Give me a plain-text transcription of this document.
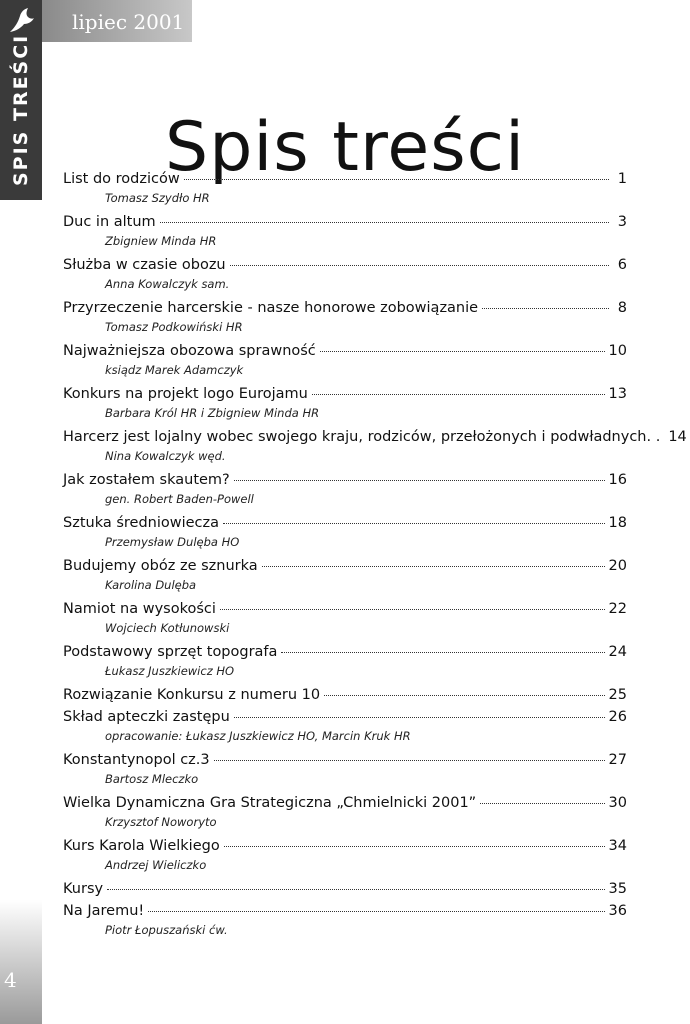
SPIS TREŚCI
lipiec 2001
4
Spis treści
List do rodziców	1
Tomasz Szydło HR
Duc in altum	3
Zbigniew Minda HR
Służba w czasie obozu	6
Anna Kowalczyk sam.
Przyrzeczenie harcerskie - nasze honorowe zobowiązanie	8
Tomasz Podkowiński HR
Najważniejsza obozowa sprawność	10
ksiądz Marek Adamczyk
Konkurs na projekt logo Eurojamu	13
Barbara Król HR i Zbigniew Minda HR
Harcerz jest lojalny wobec swojego kraju, rodziców, przełożonych i podwładnych. . 14
Nina Kowalczyk węd.
Jak zostałem skautem?	16
gen. Robert Baden-Powell
Sztuka średniowiecza	18
Przemysław Dulęba HO
Budujemy obóz ze sznurka	20
Karolina Dulęba
Namiot na wysokości	22
Wojciech Kotłunowski
Podstawowy sprzęt topografa	24
Łukasz Juszkiewicz HO
Rozwiązanie Konkursu z numeru 10	25
Skład apteczki zastępu	26
opracowanie: Łukasz Juszkiewicz HO, Marcin Kruk HR
Konstantynopol cz.3	27
Bartosz Mleczko
Wielka Dynamiczna Gra Strategiczna „Chmielnicki 2001”	30
Krzysztof Noworyto
Kurs Karola Wielkiego	34
Andrzej Wieliczko
Kursy	35
Na Jaremu!	36
Piotr Łopuszański ćw.
